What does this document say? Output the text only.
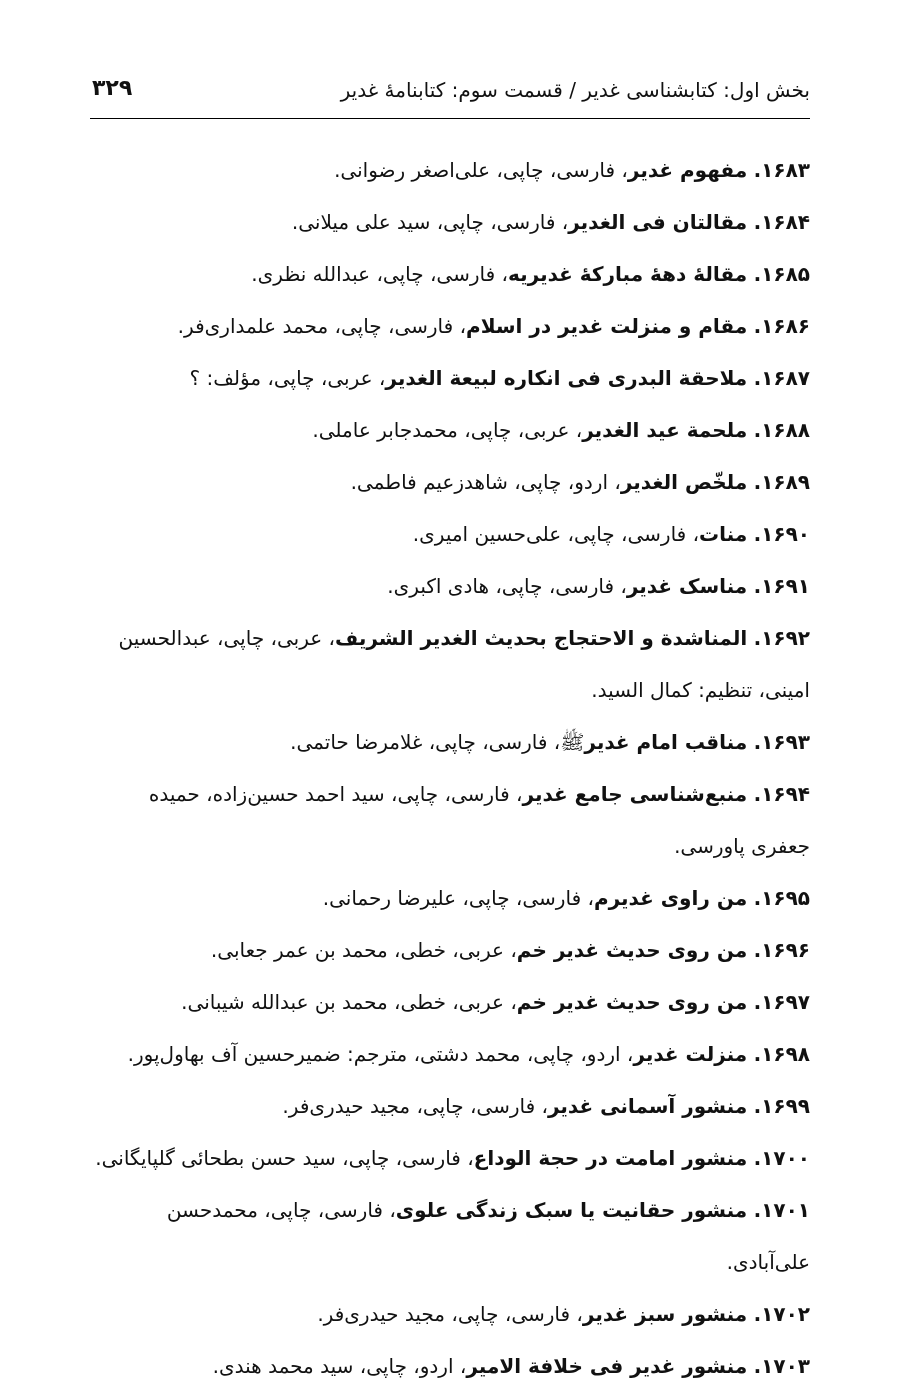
بخش اول: کتابشناسی غدیر / قسمت سوم: کتابنامهٔ غدیر
۳۲۹
۱۶۸۳. مفهوم غدیر، فارسی، چاپی، علی‌اصغر رضوانی.
۱۶۸۴. مقالتان فی الغدیر، فارسی، چاپی، سید علی میلانی.
۱۶۸۵. مقالهٔ دههٔ مبارکهٔ غدیریه، فارسی، چاپی، عبدالله نظری.
۱۶۸۶. مقام و منزلت غدیر در اسلام، فارسی، چاپی، محمد علمداری‌فر.
۱۶۸۷. ملاحقة البدری فی انکاره لبیعة الغدیر، عربی، چاپی، مؤلف: ؟
۱۶۸۸. ملحمة عید الغدیر، عربی، چاپی، محمدجابر عاملی.
۱۶۸۹. ملخّص الغدیر، اردو، چاپی، شاهدزعیم فاطمی.
۱۶۹۰. منات، فارسی، چاپی، علی‌حسین امیری.
۱۶۹۱. مناسک غدیر، فارسی، چاپی، هادی اکبری.
۱۶۹۲. المناشدة و الاحتجاج بحدیث الغدیر الشریف، عربی، چاپی، عبدالحسین امینی، تنظیم: کمال السید.
۱۶۹۳. مناقب امام غدیرﷺ، فارسی، چاپی، غلامرضا حاتمی.
۱۶۹۴. منبع‌شناسی جامع غدیر، فارسی، چاپی، سید احمد حسین‌زاده، حمیده جعفری پاورسی.
۱۶۹۵. من راوی غدیرم، فارسی، چاپی، علیرضا رحمانی.
۱۶۹۶. من روی حدیث غدیر خم، عربی، خطی، محمد بن عمر جعابی.
۱۶۹۷. من روی حدیث غدیر خم، عربی، خطی، محمد بن عبدالله شیبانی.
۱۶۹۸. منزلت غدیر، اردو، چاپی، محمد دشتی، مترجم: ضمیرحسین آف بهاول‌پور.
۱۶۹۹. منشور آسمانی غدیر، فارسی، چاپی، مجید حیدری‌فر.
۱۷۰۰. منشور امامت در حجة الوداع، فارسی، چاپی، سید حسن بطحائی گلپایگانی.
۱۷۰۱. منشور حقانیت یا سبک زندگی علوی، فارسی، چاپی، محمدحسن علی‌آبادی.
۱۷۰۲. منشور سبز غدیر، فارسی، چاپی، مجید حیدری‌فر.
۱۷۰۳. منشور غدیر فی خلافة الامیر، اردو، چاپی، سید محمد هندی.
